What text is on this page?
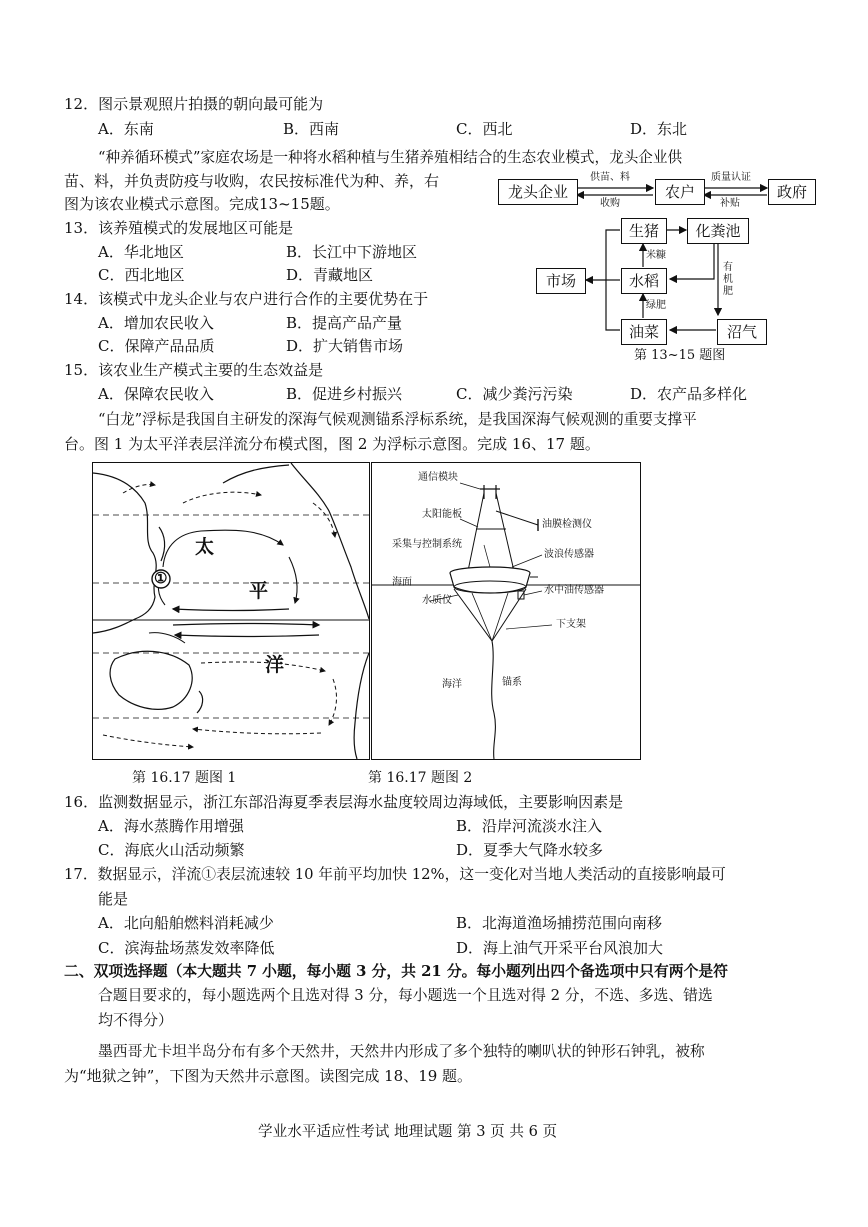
12．图示景观照片拍摄的朝向最可能为
A．东南	B．西南	C．西北	D．东北
“种养循环模式”家庭农场是一种将水稻种植与生猪养殖相结合的生态农业模式，龙头企业供
苗、料，并负责防疫与收购，农民按标准代为种、养，右
图为该农业模式示意图。完成13~15题。
13．该养殖模式的发展地区可能是
A．华北地区	B．长江中下游地区
C．西北地区	D．青藏地区
14．该模式中龙头企业与农户进行合作的主要优势在于
A．增加农民收入	B．提高产品产量
C．保障产品品质	D．扩大销售市场
15．该农业生产模式主要的生态效益是
A．保障农民收入	B．促进乡村振兴	C．减少粪污污染	D．农产品多样化
龙头企业	农户	政府
供苗、料
收购
质量认证
补贴
生猪	化粪池
市场	水稻
油菜	沼气
米糠
绿肥
有机肥
第 13~15 题图
“白龙”浮标是我国自主研发的深海气候观测锚系浮标系统，是我国深海气候观测的重要支撑平
台。图 1 为太平洋表层洋流分布模式图，图 2 为浮标示意图。完成 16、17 题。
①
太
平
洋
通信模块
太阳能板
油膜检测仪
采集与控制系统
波浪传感器
海面
水中油传感器
水质仪
下支架
海洋	锚系
第 16.17 题图 1	第 16.17 题图 2
16．监测数据显示，浙江东部沿海夏季表层海水盐度较周边海域低，主要影响因素是
A．海水蒸腾作用增强	B．沿岸河流淡水注入
C．海底火山活动频繁	D．夏季大气降水较多
17．数据显示，洋流①表层流速较 10 年前平均加快 12%，这一变化对当地人类活动的直接影响最可
能是
A．北向船舶燃料消耗减少	B．北海道渔场捕捞范围向南移
C．滨海盐场蒸发效率降低	D．海上油气开采平台风浪加大
二、双项选择题（本大题共 7 小题，每小题 3 分，共 21 分。每小题列出四个备选项中只有两个是符
合题目要求的，每小题选两个且选对得 3 分，每小题选一个且选对得 2 分，不选、多选、错选
均不得分）
墨西哥尤卡坦半岛分布有多个天然井，天然井内形成了多个独特的喇叭状的钟形石钟乳，被称
为“地狱之钟”，下图为天然井示意图。读图完成 18、19 题。
学业水平适应性考试 地理试题 第 3 页 共 6 页
